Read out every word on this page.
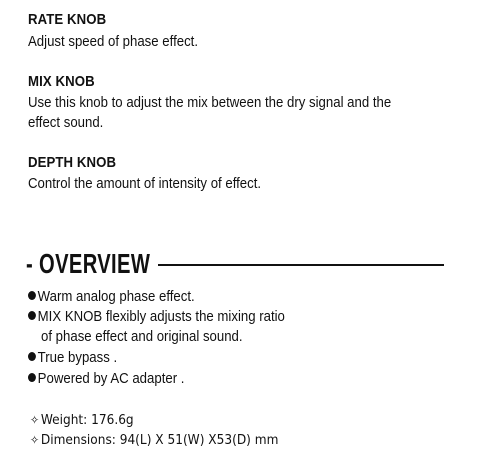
RATE KNOB
Adjust speed of phase effect.
MIX KNOB
Use this knob to adjust the mix between the dry signal and the
effect sound.
DEPTH KNOB
Control the amount of intensity of effect.
- OVERVIEW
Warm analog phase effect.
MIX KNOB flexibly adjusts the mixing ratio
of phase effect and original sound.
True bypass .
Powered by AC adapter .
✧ Weight: 176.6g
✧ Dimensions: 94(L) X 51(W) X53(D) mm
